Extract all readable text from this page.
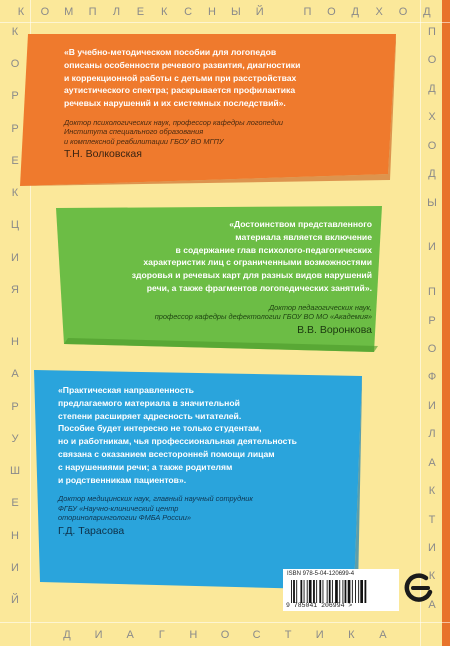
К	О М П	Л	Е	К	С Н Ы Й	П О Д	Х	О Д
К
О
Р
Р
Е
К
Ц
И
Я
Н
А
Р
У
Ш
Е
Н
И
Й
П
О
Д
Х
О
Д
Ы
И
П
Р
О
Ф
И
Л
А
К
Т
И
К
А
Д И	А	Г	Н О С	Т	И	К	А

«В учебно-методическом пособии для логопедов
описаны особенности речевого развития, диагностики
и коррекционной работы с детьми при расстройствах
аутистического спектра; раскрывается профилактика
речевых нарушений и их системных последствий».

Доктор психологических наук, профессор кафедры логопедии
Института специального образования
и комплексной реабилитации ГБОУ ВО МГПУ

Т.Н. Волковская

«Достоинством представленного
материала является включение
в содержание глав психолого-педагогических
характеристик лиц с ограниченными возможностями
здоровья и речевых карт для разных видов нарушений
речи, а также фрагментов логопедических занятий».

Доктор педагогических наук,
профессор кафедры дефектологии ГБОУ ВО МО «Академия»

В.В. Воронкова

«Практическая направленность
предлагаемого материала в значительной
степени расширяет адресность читателей.
Пособие будет интересно не только студентам,
но и работникам, чья профессиональная деятельность
связана с оказанием всесторонней помощи лицам
с нарушениями речи; а также родителям
и родственникам пациентов».

Доктор медицинских наук, главный научный сотрудник
ФГБУ «Научно-клинический центр
оториноларингологии ФМБА России»

Г.Д. Тарасова

ISBN 978-5-04-120699-4
9 785041 206994 >
